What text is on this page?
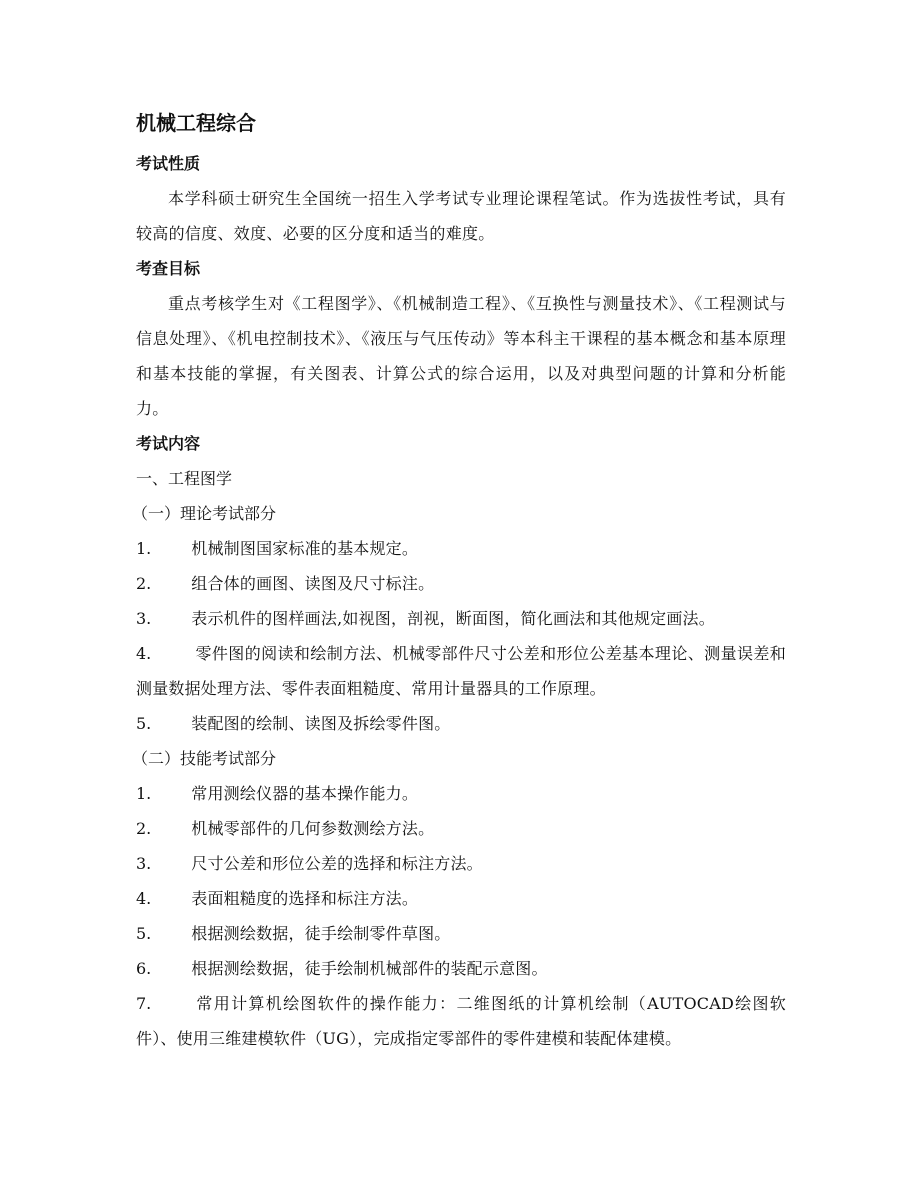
机械工程综合
考试性质

本学科硕士研究生全国统一招生入学考试专业理论课程笔试。作为选拔性考试，具有较高的信度、效度、必要的区分度和适当的难度。

考查目标

重点考核学生对《工程图学》、《机械制造工程》、《互换性与测量技术》、《工程测试与信息处理》、《机电控制技术》、《液压与气压传动》等本科主干课程的基本概念和基本原理和基本技能的掌握，有关图表、计算公式的综合运用，以及对典型问题的计算和分析能力。

考试内容
一、工程图学
（一）理论考试部分
1.	机械制图国家标准的基本规定。
2.	组合体的画图、读图及尺寸标注。
3.	表示机件的图样画法,如视图，剖视，断面图，简化画法和其他规定画法。
4.	零件图的阅读和绘制方法、机械零部件尺寸公差和形位公差基本理论、测量误差和测量数据处理方法、零件表面粗糙度、常用计量器具的工作原理。
5.	装配图的绘制、读图及拆绘零件图。
（二）技能考试部分
1.	常用测绘仪器的基本操作能力。
2.	机械零部件的几何参数测绘方法。
3.	尺寸公差和形位公差的选择和标注方法。
4.	表面粗糙度的选择和标注方法。
5.	根据测绘数据，徒手绘制零件草图。
6.	根据测绘数据，徒手绘制机械部件的装配示意图。
7.	常用计算机绘图软件的操作能力：二维图纸的计算机绘制（AUTOCAD绘图软件）、使用三维建模软件（UG），完成指定零部件的零件建模和装配体建模。
